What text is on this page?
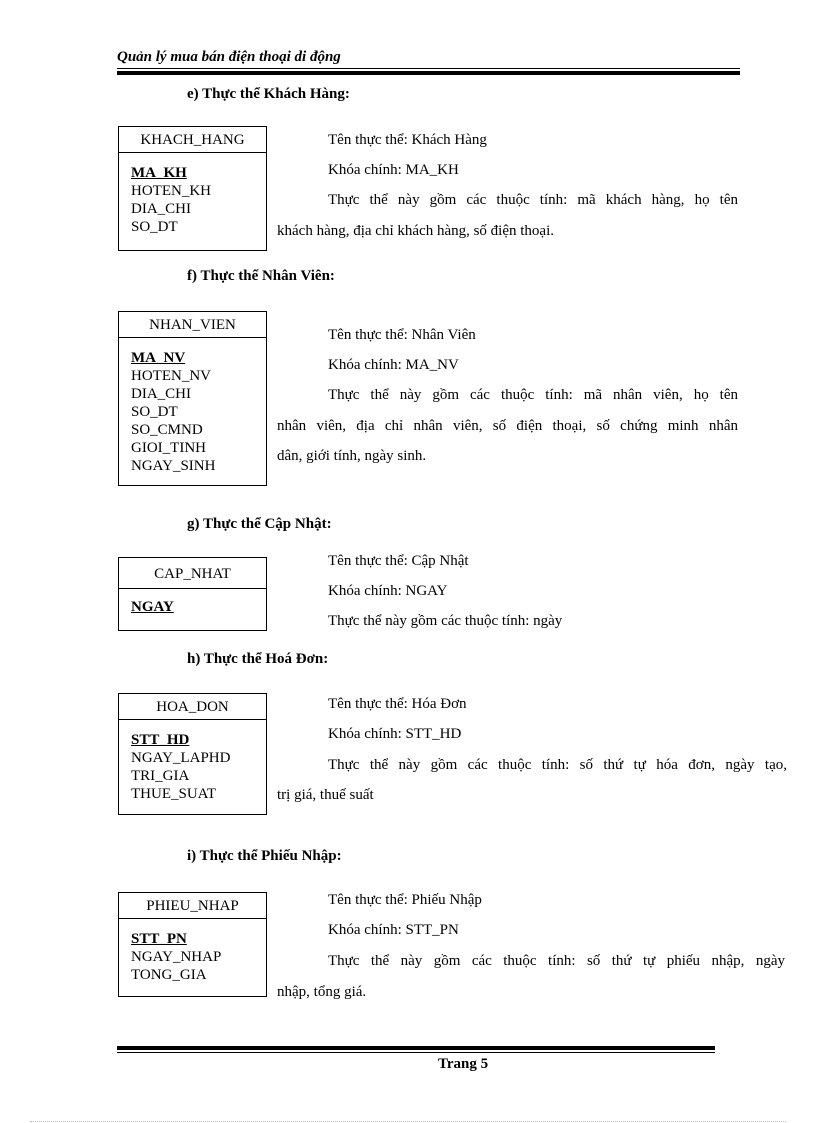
Quản lý mua bán điện thoại di động
e) Thực thể Khách Hàng:
KHACH_HANG
MA_KH
HOTEN_KH
DIA_CHI
SO_DT
Tên thực thể: Khách Hàng
Khóa chính: MA_KH
Thực thể này gồm các thuộc tính: mã khách hàng, họ tên
khách hàng, địa chỉ khách hàng, số điện thoại.
f) Thực thể Nhân Viên:
NHAN_VIEN
MA_NV
HOTEN_NV
DIA_CHI
SO_DT
SO_CMND
GIOI_TINH
NGAY_SINH
Tên thực thể: Nhân Viên
Khóa chính: MA_NV
Thực thể này gồm các thuộc tính: mã nhân viên, họ tên
nhân viên, địa chỉ nhân viên, số điện thoại, số chứng minh nhân
dân, giới tính, ngày sinh.
g) Thực thể Cập Nhật:
CAP_NHAT
NGAY
Tên thực thể: Cập Nhật
Khóa chính: NGAY
Thực thể này gồm các thuộc tính: ngày
h) Thực thể Hoá Đơn:
HOA_DON
STT_HD
NGAY_LAPHD
TRI_GIA
THUE_SUAT
Tên thực thể: Hóa Đơn
Khóa chính: STT_HD
Thực thể này gồm các thuộc tính: số thứ tự hóa đơn, ngày tạo,
trị giá, thuế suất
i) Thực thể Phiếu Nhập:
PHIEU_NHAP
STT_PN
NGAY_NHAP
TONG_GIA
Tên thực thể: Phiếu Nhập
Khóa chính: STT_PN
Thực thể này gồm các thuộc tính: số thứ tự phiếu nhập, ngày
nhập, tổng giá.
Trang 5
